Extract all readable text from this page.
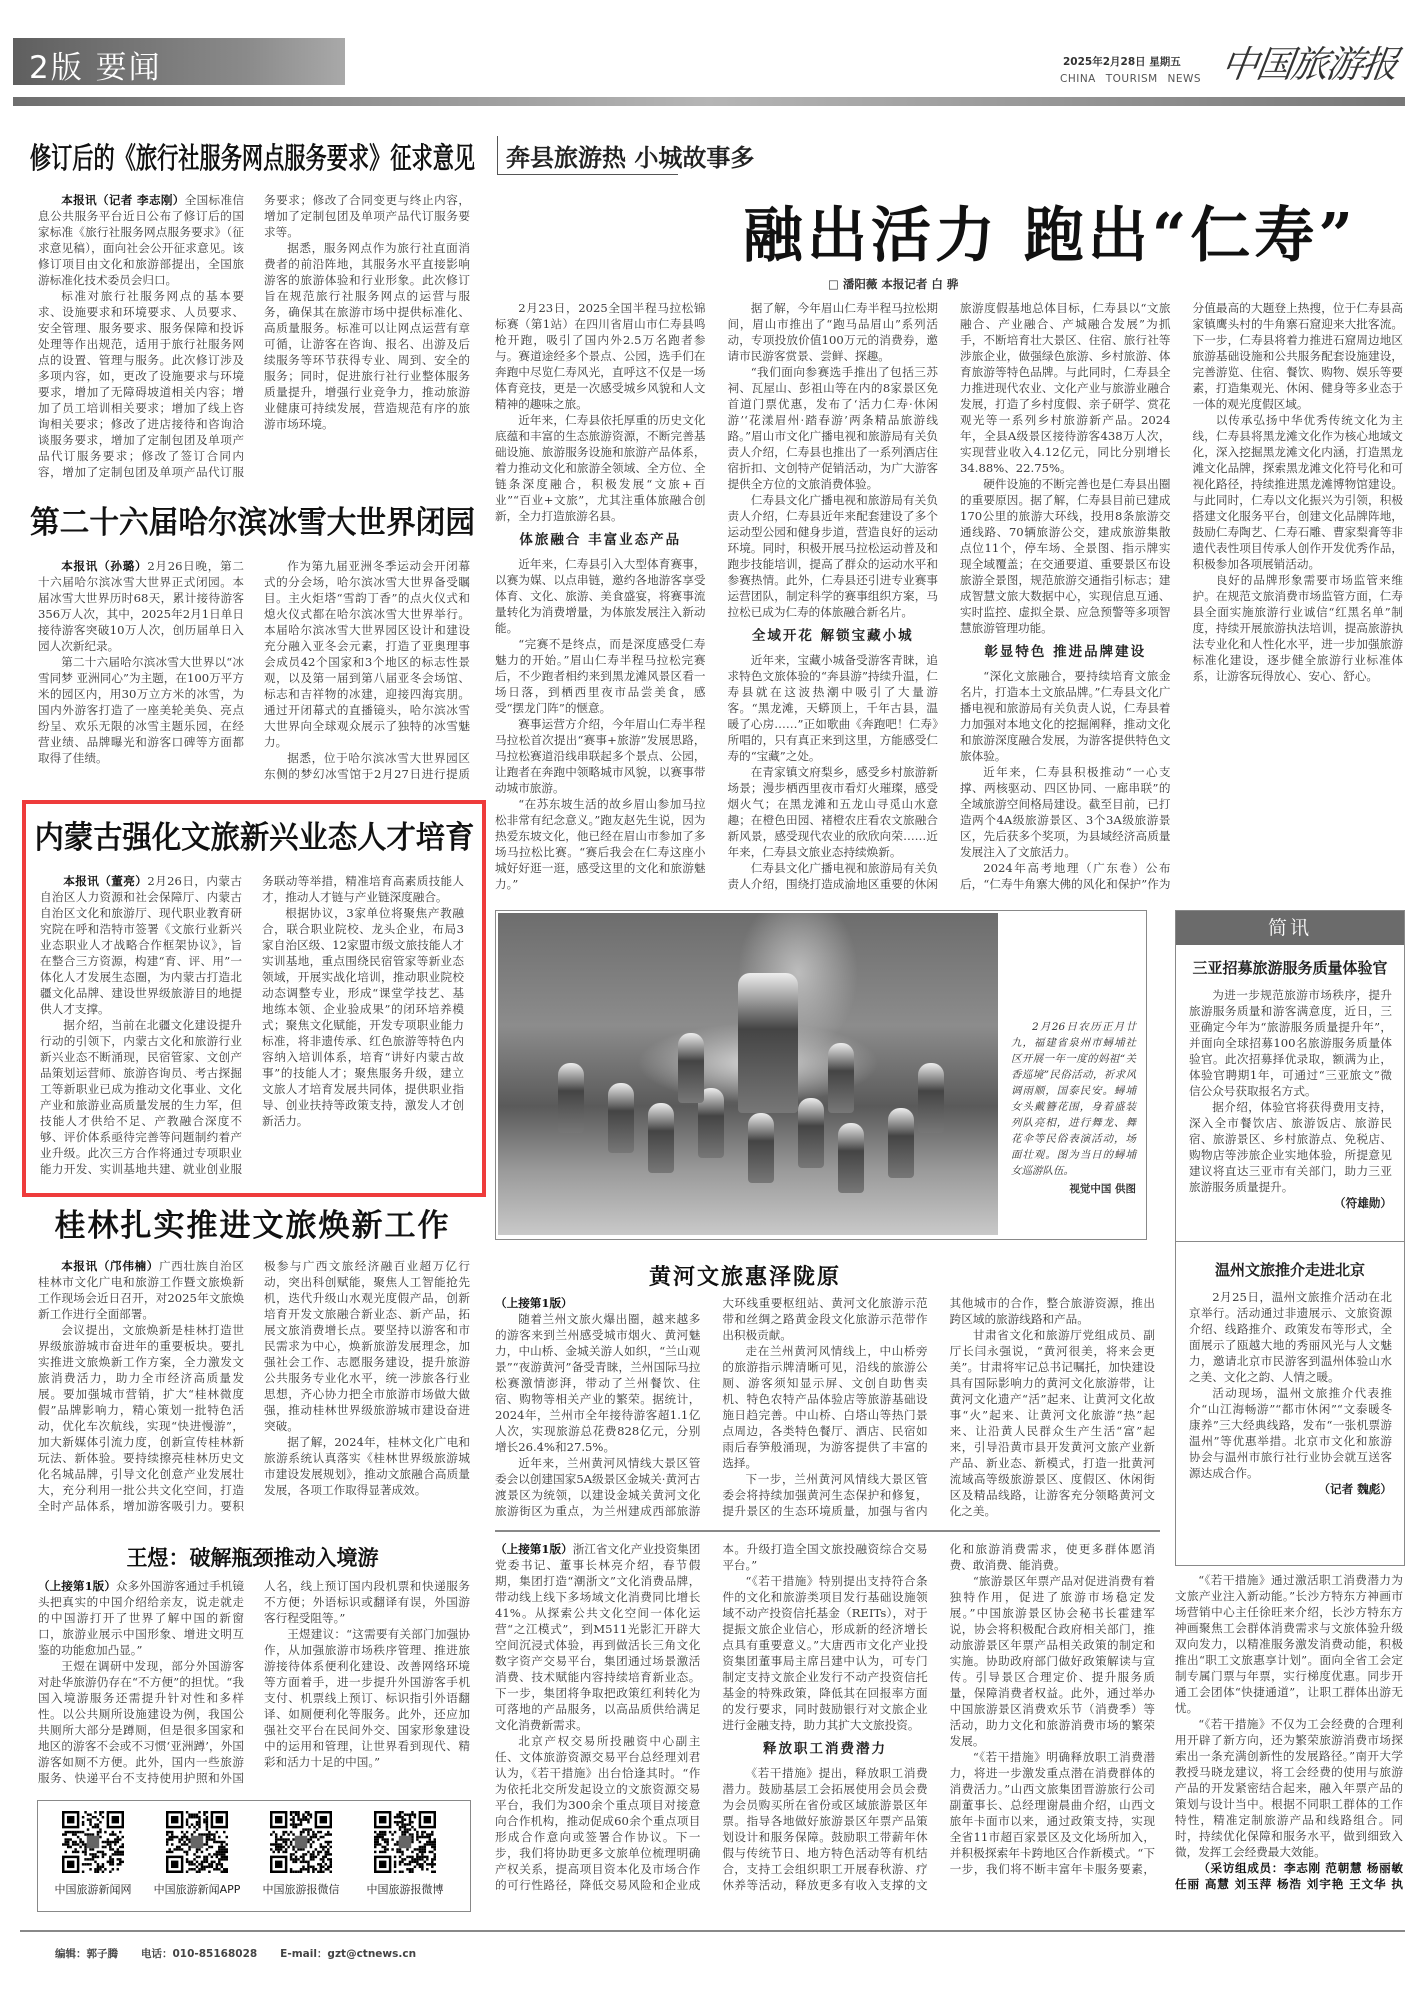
2版 要闻	2025年2月28日 星期五
CHINA TOURISM NEWS 中国旅游报
修订后的《旅行社服务网点服务要求》征求意见

本报讯（记者 李志刚）全国标准信息公共服务平台近日公布了修订后的国家标准《旅行社服务网点服务要求》（征求意见稿），面向社会公开征求意见。该修订项目由文化和旅游部提出，全国旅游标准化技术委员会归口。

标准对旅行社服务网点的基本要求、设施要求和环境要求、人员要求、安全管理、服务要求、服务保障和投诉处理等作出规范，适用于旅行社服务网点的设置、管理与服务。此次修订涉及多项内容，如，更改了设施要求与环境要求，增加了无障碍坡道相关内容；增加了员工培训相关要求；增加了线上咨询相关要求；修改了进店接待和咨询洽谈服务要求，增加了定制包团及单项产品代订服务要求；修改了签订合同内容，增加了定制包团及单项产品代订服务要求；修改了合同变更与终止内容，增加了定制包团及单项产品代订服务要求等。

据悉，服务网点作为旅行社直面消费者的前沿阵地，其服务水平直接影响游客的旅游体验和行业形象。此次修订旨在规范旅行社服务网点的运营与服务，确保其在旅游市场中提供标准化、高质量服务。标准可以让网点运营有章可循，让游客在咨询、报名、出游及后续服务等环节获得专业、周到、安全的服务；同时，促进旅行社行业整体服务质量提升，增强行业竞争力，推动旅游业健康可持续发展，营造规范有序的旅游市场环境。

第二十六届哈尔滨冰雪大世界闭园

本报讯（孙璐）2月26日晚，第二十六届哈尔滨冰雪大世界正式闭园。本届冰雪大世界历时68天，累计接待游客356万人次，其中，2025年2月1日单日接待游客突破10万人次，创历届单日入园人次新纪录。

第二十六届哈尔滨冰雪大世界以“冰雪同梦 亚洲同心”为主题，在100万平方米的园区内，用30万立方米的冰雪，为国内外游客打造了一座美轮美奂、亮点纷呈、欢乐无限的冰雪主题乐园，在经营业绩、品牌曝光和游客口碑等方面都取得了佳绩。

作为第九届亚洲冬季运动会开闭幕式的分会场，哈尔滨冰雪大世界备受瞩目。主火炬塔“雪韵丁香”的点火仪式和熄火仪式都在哈尔滨冰雪大世界举行。本届哈尔滨冰雪大世界园区设计和建设充分融入亚冬会元素，打造了亚奥理事会成员42个国家和3个地区的标志性景观，以及第一届到第八届亚冬会场馆、标志和吉祥物的冰建，迎接四海宾朋。通过开闭幕式的直播镜头，哈尔滨冰雪大世界向全球观众展示了独特的冰雪魅力。

据悉，位于哈尔滨冰雪大世界园区东侧的梦幻冰雪馆于2月27日进行提质

内蒙古强化文旅新兴业态人才培育

本报讯（董亮）2月26日，内蒙古自治区人力资源和社会保障厅、内蒙古自治区文化和旅游厅、现代职业教育研究院在呼和浩特市签署《文旅行业新兴业态职业人才战略合作框架协议》，旨在整合三方资源，构建“育、评、用”一体化人才发展生态圈，为内蒙古打造北疆文化品牌、建设世界级旅游目的地提供人才支撑。

据介绍，当前在北疆文化建设提升行动的引领下，内蒙古文化和旅游行业新兴业态不断涌现，民宿管家、文创产品策划运营师、旅游咨询员、考古探掘工等新职业已成为推动文化事业、文化产业和旅游业高质量发展的生力军，但技能人才供给不足、产教融合深度不够、评价体系亟待完善等问题制约着产业升级。此次三方合作将通过专项职业能力开发、实训基地共建、就业创业服务联动等举措，精准培育高素质技能人才，推动人才链与产业链深度融合。

根据协议，3家单位将聚焦产教融合，联合职业院校、龙头企业，布局3家自治区级、12家盟市级文旅技能人才实训基地，重点围绕民宿管家等新业态领域，开展实战化培训，推动职业院校动态调整专业，形成“课堂学技艺、基地练本领、企业验成果”的闭环培养模式；聚焦文化赋能，开发专项职业能力标准，将非遗传承、红色旅游等特色内容纳入培训体系，培育“讲好内蒙古故事”的技能人才；聚焦服务升级，建立文旅人才培育发展共同体，提供职业指导、创业扶持等政策支持，激发人才创新活力。

桂林扎实推进文旅焕新工作

本报讯（邝伟楠）广西壮族自治区桂林市文化广电和旅游工作暨文旅焕新工作现场会近日召开，对2025年文旅焕新工作进行全面部署。

会议提出，文旅焕新是桂林打造世界级旅游城市奋进年的重要板块。要扎实推进文旅焕新工作方案，全力激发文旅消费活力，助力全市经济高质量发展。要加强城市营销，扩大“桂林微度假”品牌影响力，精心策划一批特色活动，优化车次航线，实现“快进慢游”，加大新媒体引流力度，创新宣传桂林新玩法、新体验。要持续擦亮桂林历史文化名城品牌，引导文化创意产业发展壮大，充分利用一批公共文化空间，打造全时产品体系，增加游客吸引力。要积极参与广西文旅经济融百业超万亿行动，突出科创赋能，聚焦人工智能抢先机，迭代升级山水观光度假产品，创新培育开发文旅融合新业态、新产品，拓展文旅消费增长点。要坚持以游客和市民需求为中心，焕新旅游发展理念，加强社会工作、志愿服务建设，提升旅游公共服务专业化水平，统一涉旅各行业思想，齐心协力把全市旅游市场做大做强，推动桂林世界级旅游城市建设奋进突破。

据了解，2024年，桂林文化广电和旅游系统认真落实《桂林世界级旅游城市建设发展规划》，推动文旅融合高质量发展，各项工作取得显著成效。

王煜：破解瓶颈推动入境游

（上接第1版）众多外国游客通过手机镜头把真实的中国介绍给亲友，说走就走的中国游打开了世界了解中国的新窗口，旅游业展示中国形象、增进文明互鉴的功能愈加凸显。”

王煜在调研中发现，部分外国游客对赴华旅游仍存在“不方便”的担忧。“我国入境游服务还需提升针对性和多样性。以公共厕所设施建设为例，我国公共厕所大部分是蹲厕，但是很多国家和地区的游客不会或不习惯‘亚洲蹲’，外国游客如厕不方便。此外，国内一些旅游服务、快递平台不支持使用护照和外国人名，线上预订国内段机票和快递服务不方便；外语标识或翻译有误，外国游客行程受阻等。”

王煜建议：“这需要有关部门加强协作，从加强旅游市场秩序管理、推进旅游接待体系便利化建设、改善网络环境等方面着手，进一步提升外国游客手机支付、机票线上预订、标识指引外语翻译、如厕便利化等服务。此外，还应加强社交平台在民间外交、国家形象建设中的运用和管理，让世界看到现代、精彩和活力十足的中国。”

中国旅游新闻网	中国旅游新闻APP	中国旅游报微信	中国旅游报微博
奔县旅游热 小城故事多
融出活力 跑出“仁寿”
□ 潘阳薇 本报记者 白 骅

2月23日，2025全国半程马拉松锦标赛（第1站）在四川省眉山市仁寿县鸣枪开跑，吸引了国内外2.5万名跑者参与。赛道途经多个景点、公园，选手们在奔跑中尽览仁寿风光，直呼这不仅是一场体育竞技，更是一次感受城乡风貌和人文精神的趣味之旅。

近年来，仁寿县依托厚重的历史文化底蕴和丰富的生态旅游资源，不断完善基础设施、旅游服务设施和旅游产品体系，着力推动文化和旅游全领域、全方位、全链条深度融合，积极发展“文旅+百业”“百业+文旅”，尤其注重体旅融合创新，全力打造旅游名县。

体旅融合 丰富业态产品

近年来，仁寿县引入大型体育赛事，以赛为媒、以点串链，邀约各地游客享受体育、文化、旅游、美食盛宴，将赛事流量转化为消费增量，为体旅发展注入新动能。

“完赛不是终点，而是深度感受仁寿魅力的开始。”眉山仁寿半程马拉松完赛后，不少跑者相约来到黑龙滩风景区看一场日落，到栖西里夜市品尝美食，感受“摆龙门阵”的惬意。

赛事运营方介绍，今年眉山仁寿半程马拉松首次提出“赛事+旅游”发展思路，马拉松赛道沿线串联起多个景点、公园，让跑者在奔跑中领略城市风貌，以赛事带动城市旅游。

“在苏东坡生活的故乡眉山参加马拉松非常有纪念意义。”跑友赵先生说，因为热爱东坡文化，他已经在眉山市参加了多场马拉松比赛。“赛后我会在仁寿这座小城好好逛一逛，感受这里的文化和旅游魅力。”

据了解，今年眉山仁寿半程马拉松期间，眉山市推出了“跑马品眉山”系列活动，专项投放价值100万元的消费券，邀请市民游客赏景、尝鲜、探趣。

“我们面向参赛选手推出了包括三苏祠、瓦屋山、彭祖山等在内的8家景区免首道门票优惠，发布了‘活力仁寿·休闲游’‘花漾眉州·踏春游’两条精品旅游线路。”眉山市文化广播电视和旅游局有关负责人介绍，仁寿县也推出了一系列酒店住宿折扣、文创特产促销活动，为广大游客提供全方位的文旅消费体验。

仁寿县文化广播电视和旅游局有关负责人介绍，仁寿县近年来配套建设了多个运动型公园和健身步道，营造良好的运动环境。同时，积极开展马拉松运动普及和跑步技能培训，提高了群众的运动水平和参赛热情。此外，仁寿县还引进专业赛事运营团队，制定科学的赛事组织方案，马拉松已成为仁寿的体旅融合新名片。

全域开花 解锁宝藏小城

近年来，宝藏小城备受游客青睐，追求特色文旅体验的“奔县游”持续升温，仁寿县就在这波热潮中吸引了大量游客。“黑龙滩，天蟒顶上，千年古县，温暖了心房……”正如歌曲《奔跑吧！仁寿》所唱的，只有真正来到这里，方能感受仁寿的“宝藏”之处。

在青家镇文府梨乡，感受乡村旅游新场景；漫步栖西里夜市看灯火璀璨，感受烟火气；在黑龙滩和五龙山寻觅山水意趣；在橙色田园、褚橙农庄看农文旅融合新风景，感受现代农业的欣欣向荣……近年来，仁寿县文旅业态持续焕新。

仁寿县文化广播电视和旅游局有关负责人介绍，围绕打造成渝地区重要的休闲旅游度假基地总体目标，仁寿县以“文旅融合、产业融合、产城融合发展”为抓手，不断培育壮大景区、住宿、旅行社等涉旅企业，做强绿色旅游、乡村旅游、体育旅游等特色品牌。与此同时，仁寿县全力推进现代农业、文化产业与旅游业融合发展，打造了乡村度假、亲子研学、赏花观光等一系列乡村旅游新产品。2024年，全县A级景区接待游客438万人次，实现营业收入4.12亿元，同比分别增长34.88%、22.75%。

硬件设施的不断完善也是仁寿县出圈的重要原因。据了解，仁寿县目前已建成170公里的旅游大环线，投用8条旅游交通线路、70辆旅游公交，建成旅游集散点位11个，停车场、全景图、指示牌实现全域覆盖；在交通要道、重要景区布设旅游全景图，规范旅游交通指引标志；建成智慧文旅大数据中心，实现信息互通、实时监控、虚拟全景、应急预警等多项智慧旅游管理功能。

彰显特色 推进品牌建设

“深化文旅融合，要持续培育文旅金名片，打造本土文旅品牌。”仁寿县文化广播电视和旅游局有关负责人说，仁寿县着力加强对本地文化的挖掘阐释，推动文化和旅游深度融合发展，为游客提供特色文旅体验。

近年来，仁寿县积极推动“一心支撑、两核驱动、四区协同、一廊串联”的全域旅游空间格局建设。截至目前，已打造两个4A级旅游景区、3个3A级旅游景区，先后获多个奖项，为县域经济高质量发展注入了文旅活力。

2024年高考地理（广东卷）公布后，“仁寿牛角寨大佛的风化和保护”作为分值最高的大题登上热搜，位于仁寿县高家镇鹰头村的牛角寨石窟迎来大批客流。下一步，仁寿县将着力推进石窟周边地区旅游基础设施和公共服务配套设施建设，完善游览、住宿、餐饮、购物、娱乐等要素，打造集观光、休闲、健身等多业态于一体的观光度假区域。

以传承弘扬中华优秀传统文化为主线，仁寿县将黑龙滩文化作为核心地域文化，深入挖掘黑龙滩文化内涵，打造黑龙滩文化品牌，探索黑龙滩文化符号化和可视化路径，持续推进黑龙滩博物馆建设。与此同时，仁寿以文化振兴为引领，积极搭建文化服务平台，创建文化品牌阵地，鼓励仁寿陶艺、仁寿石雕、曹家梨膏等非遗代表性项目传承人创作开发优秀作品，积极参加各项展销活动。

良好的品牌形象需要市场监管来维护。在规范文旅消费市场监管方面，仁寿县全面实施旅游行业诚信“红黑名单”制度，持续开展旅游执法培训，提高旅游执法专业化和人性化水平，进一步加强旅游标准化建设，逐步健全旅游行业标准体系，让游客玩得放心、安心、舒心。

2月26日农历正月廿九，福建省泉州市蟳埔社区开展一年一度的妈祖“关香巡境”民俗活动，祈求风调雨顺，国泰民安。蟳埔女头戴簪花围，身着盛装列队亮相，进行舞龙、舞花伞等民俗表演活动，场面壮观。图为当日的蟳埔女巡游队伍。

视觉中国 供图
简讯
三亚招募旅游服务质量体验官

为进一步规范旅游市场秩序，提升旅游服务质量和游客满意度，近日，三亚确定今年为“旅游服务质量提升年”，并面向全球招募100名旅游服务质量体验官。此次招募择优录取，额满为止，体验官聘期1年，可通过“三亚旅文”微信公众号获取报名方式。

据介绍，体验官将获得费用支持，深入全市餐饮店、旅游饭店、旅游民宿、旅游景区、乡村旅游点、免税店、购物店等涉旅企业实地体验，所提意见建议将直达三亚市有关部门，助力三亚旅游服务质量提升。

（符雄勋）
温州文旅推介走进北京

2月25日，温州文旅推介活动在北京举行。活动通过非遗展示、文旅资源介绍、线路推介、政策发布等形式，全面展示了瓯越大地的秀丽风光与人文魅力，邀请北京市民游客到温州体验山水之美、文化之韵、人情之暖。

活动现场，温州文旅推介代表推介“山江海畅游”“都市休闲”“文泰暖冬康养”三大经典线路，发布“一张机票游温州”等优惠举措。北京市文化和旅游协会与温州市旅行社行业协会就互送客源达成合作。

（记者 魏彪）
黄河文旅惠泽陇原

（上接第1版）

随着兰州文旅火爆出圈，越来越多的游客来到兰州感受城市烟火、黄河魅力，中山桥、金城关游人如织，“兰山观景”“夜游黄河”备受青睐，兰州国际马拉松赛激情澎湃，带动了兰州餐饮、住宿、购物等相关产业的繁荣。据统计，2024年，兰州市全年接待游客超1.1亿人次，实现旅游总花费828亿元，分别增长26.4%和27.5%。

近年来，兰州黄河风情线大景区管委会以创建国家5A级景区金城关·黄河古渡景区为统领，以建设金城关黄河文化旅游街区为重点，为兰州建成西部旅游大环线重要枢纽站、黄河文化旅游示范带和丝绸之路黄金段文化旅游示范带作出积极贡献。

走在兰州黄河风情线上，中山桥旁的旅游指示牌清晰可见，沿线的旅游公厕、游客须知显示屏、文创自助售卖机、特色农特产品体验店等旅游基础设施日趋完善。中山桥、白塔山等热门景点周边，各类特色餐厅、酒店、民宿如雨后春笋般涌现，为游客提供了丰富的选择。

下一步，兰州黄河风情线大景区管委会将持续加强黄河生态保护和修复，提升景区的生态环境质量，加强与省内其他城市的合作，整合旅游资源，推出跨区域的旅游线路和产品。

甘肃省文化和旅游厅党组成员、副厅长闫永强说，“黄河很美，将来会更美”。甘肃将牢记总书记嘱托，加快建设具有国际影响力的黄河文化旅游带，让黄河文化遗产“活”起来、让黄河文化故事“火”起来、让黄河文化旅游“热”起来、让沿黄人民群众生产生活“富”起来，引导沿黄市县开发黄河文旅产业新产品、新业态、新模式，打造一批黄河流域高等级旅游景区、度假区、休闲街区及精品线路，让游客充分领略黄河文化之美。

（上接第1版）浙江省文化产业投资集团党委书记、董事长林亮介绍，春节假期，集团打造“潮浙文”文化消费品牌，带动线上线下多场域文化消费同比增长41%。从探索公共文化空间一体化运营“之江模式”，到M511光影汇开辟大空间沉浸式体验，再到做活长三角文化数字资产交易平台，集团通过场景激活消费、技术赋能内容持续培育新业态。下一步，集团将争取把政策红利转化为可落地的产品服务，以高品质供给满足文化消费新需求。

北京产权交易所投融资中心副主任、文体旅游资源交易平台总经理刘君认为，《若干措施》出台恰逢其时。“作为依托北交所发起设立的文旅资源交易平台，我们为300余个重点项目对接意向合作机构，推动促成60余个重点项目形成合作意向或签署合作协议。下一步，我们将协助更多文旅单位梳理明确产权关系，提高项目资本化及市场合作的可行性路径，降低交易风险和企业成本。升级打造全国文旅投融资综合交易平台。”

“《若干措施》特别提出支持符合条件的文化和旅游类项目发行基础设施领域不动产投资信托基金（REITs），对于提振文旅企业信心，形成新的经济增长点具有重要意义。”大唐西市文化产业投资集团董事局主席吕建中认为，可专门制定支持文旅企业发行不动产投资信托基金的特殊政策，降低其在回报率方面的发行要求，同时鼓励银行对文旅企业进行金融支持，助力其扩大文旅投资。

释放职工消费潜力

《若干措施》提出，释放职工消费潜力。鼓励基层工会拓展使用会员会费为会员购买所在省份或区域旅游景区年票。指导各地做好旅游景区年票产品策划设计和服务保障。鼓励职工带薪年休假与传统节日、地方特色活动等有机结合，支持工会组织职工开展春秋游、疗休养等活动，释放更多有收入支撑的文化和旅游消费需求，使更多群体愿消费、敢消费、能消费。

“旅游景区年票产品对促进消费有着独特作用，促进了旅游市场稳定发展。”中国旅游景区协会秘书长霍建军说，协会将积极配合政府相关部门，推动旅游景区年票产品相关政策的制定和实施。协助政府部门做好政策解读与宣传。引导景区合理定价、提升服务质量，保障消费者权益。此外，通过举办中国旅游景区消费欢乐节（消费季）等活动，助力文化和旅游消费市场的繁荣发展。

“《若干措施》明确释放职工消费潜力，将进一步激发重点潜在消费群体的消费活力。”山西文旅集团晋游旅行公司副董事长、总经理谢晨曲介绍，山西文旅年卡面市以来，通过政策支持，实现全省11市超百家景区及文化场所加入，并积极探索年卡跨地区合作新模式。“下一步，我们将不断丰富年卡服务要素，

“《若干措施》通过激活职工消费潜力为文旅产业注入新动能。”长沙方特东方神画市场营销中心主任徐旺来介绍，长沙方特东方神画聚焦工会群体消费需求与文旅体验升级双向发力，以精准服务激发消费动能，积极推出“职工文旅惠享计划”。面向全省工会定制专属门票与年票，实行梯度优惠。同步开通工会团体“快捷通道”，让职工群体出游无忧。

“《若干措施》不仅为工会经费的合理利用开辟了新方向，还为繁荣旅游消费市场探索出一条充满创新性的发展路径。”南开大学教授马晓龙建议，将工会经费的使用与旅游产品的开发紧密结合起来，融入年票产品的策划与设计当中。根据不同职工群体的工作特性，精准定制旅游产品和线路组合。同时，持续优化保障和服务水平，做到细致入微，发挥工会经费最大效能。

（采访组成员：李志刚 范朝慧 杨丽敏 任丽 高慧 刘玉萍 杨浩 刘宇艳 王文华 执

编辑：郭子腾 电话：010-85168028 E-mail：gzt@ctnews.cn
